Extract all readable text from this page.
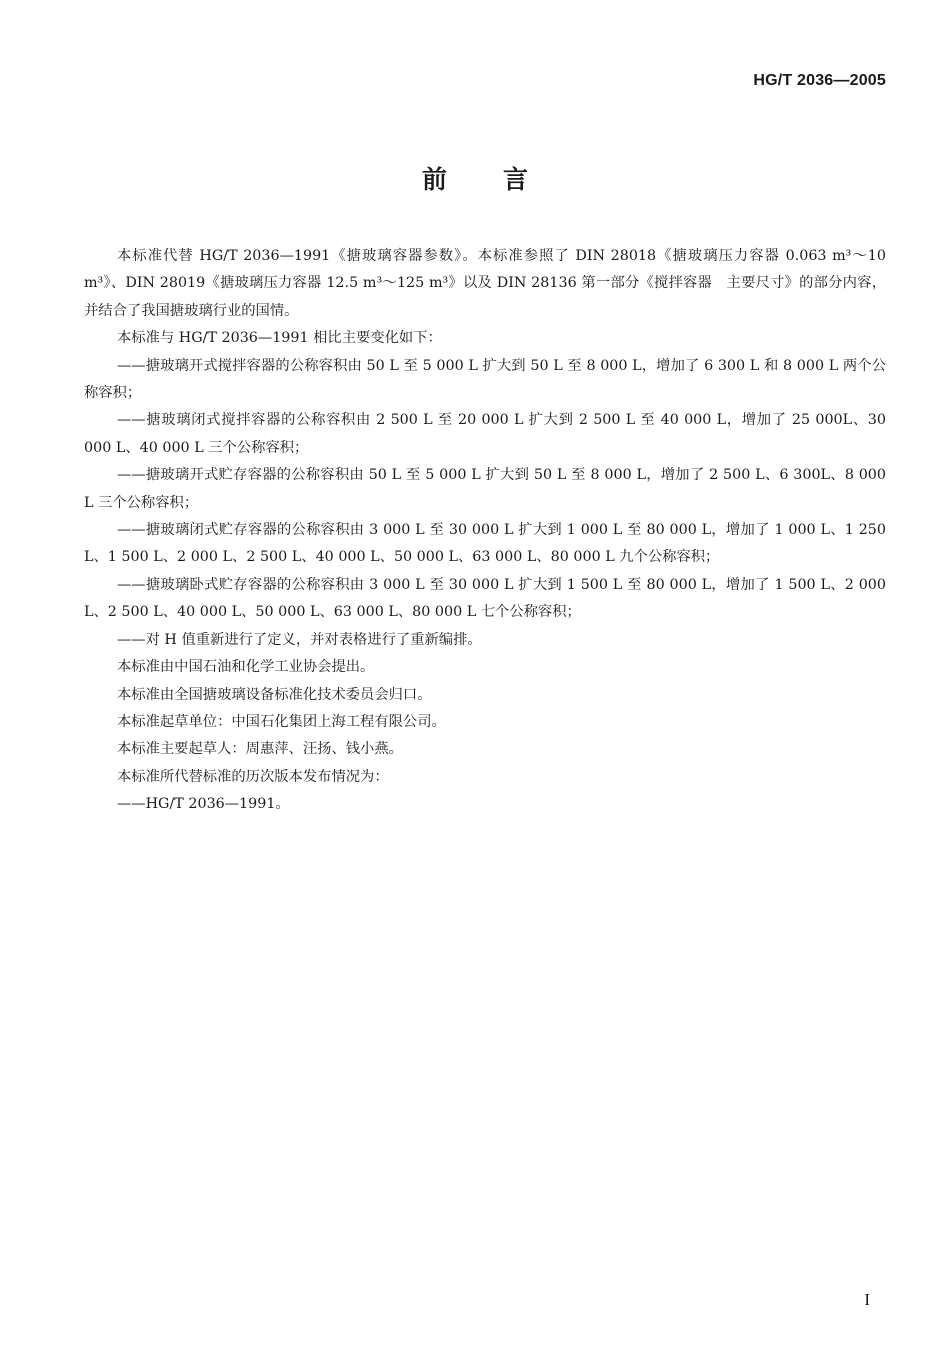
HG/T 2036—2005
前言

本标准代替 HG/T 2036—1991《搪玻璃容器参数》。本标准参照了 DIN 28018《搪玻璃压力容器 0.063 m³～10 m³》、DIN 28019《搪玻璃压力容器 12.5 m³～125 m³》以及 DIN 28136 第一部分《搅拌容器　主要尺寸》的部分内容，并结合了我国搪玻璃行业的国情。

本标准与 HG/T 2036—1991 相比主要变化如下：

——搪玻璃开式搅拌容器的公称容积由 50 L 至 5 000 L 扩大到 50 L 至 8 000 L，增加了 6 300 L 和 8 000 L 两个公称容积；

——搪玻璃闭式搅拌容器的公称容积由 2 500 L 至 20 000 L 扩大到 2 500 L 至 40 000 L，增加了 25 000L、30 000 L、40 000 L 三个公称容积；

——搪玻璃开式贮存容器的公称容积由 50 L 至 5 000 L 扩大到 50 L 至 8 000 L，增加了 2 500 L、6 300L、8 000 L 三个公称容积；

——搪玻璃闭式贮存容器的公称容积由 3 000 L 至 30 000 L 扩大到 1 000 L 至 80 000 L，增加了 1 000 L、1 250 L、1 500 L、2 000 L、2 500 L、40 000 L、50 000 L、63 000 L、80 000 L 九个公称容积；

——搪玻璃卧式贮存容器的公称容积由 3 000 L 至 30 000 L 扩大到 1 500 L 至 80 000 L，增加了 1 500 L、2 000 L、2 500 L、40 000 L、50 000 L、63 000 L、80 000 L 七个公称容积；

——对 H 值重新进行了定义，并对表格进行了重新编排。

本标准由中国石油和化学工业协会提出。

本标准由全国搪玻璃设备标准化技术委员会归口。

本标准起草单位：中国石化集团上海工程有限公司。

本标准主要起草人：周惠萍、汪扬、钱小燕。

本标准所代替标准的历次版本发布情况为：

——HG/T 2036—1991。

I
